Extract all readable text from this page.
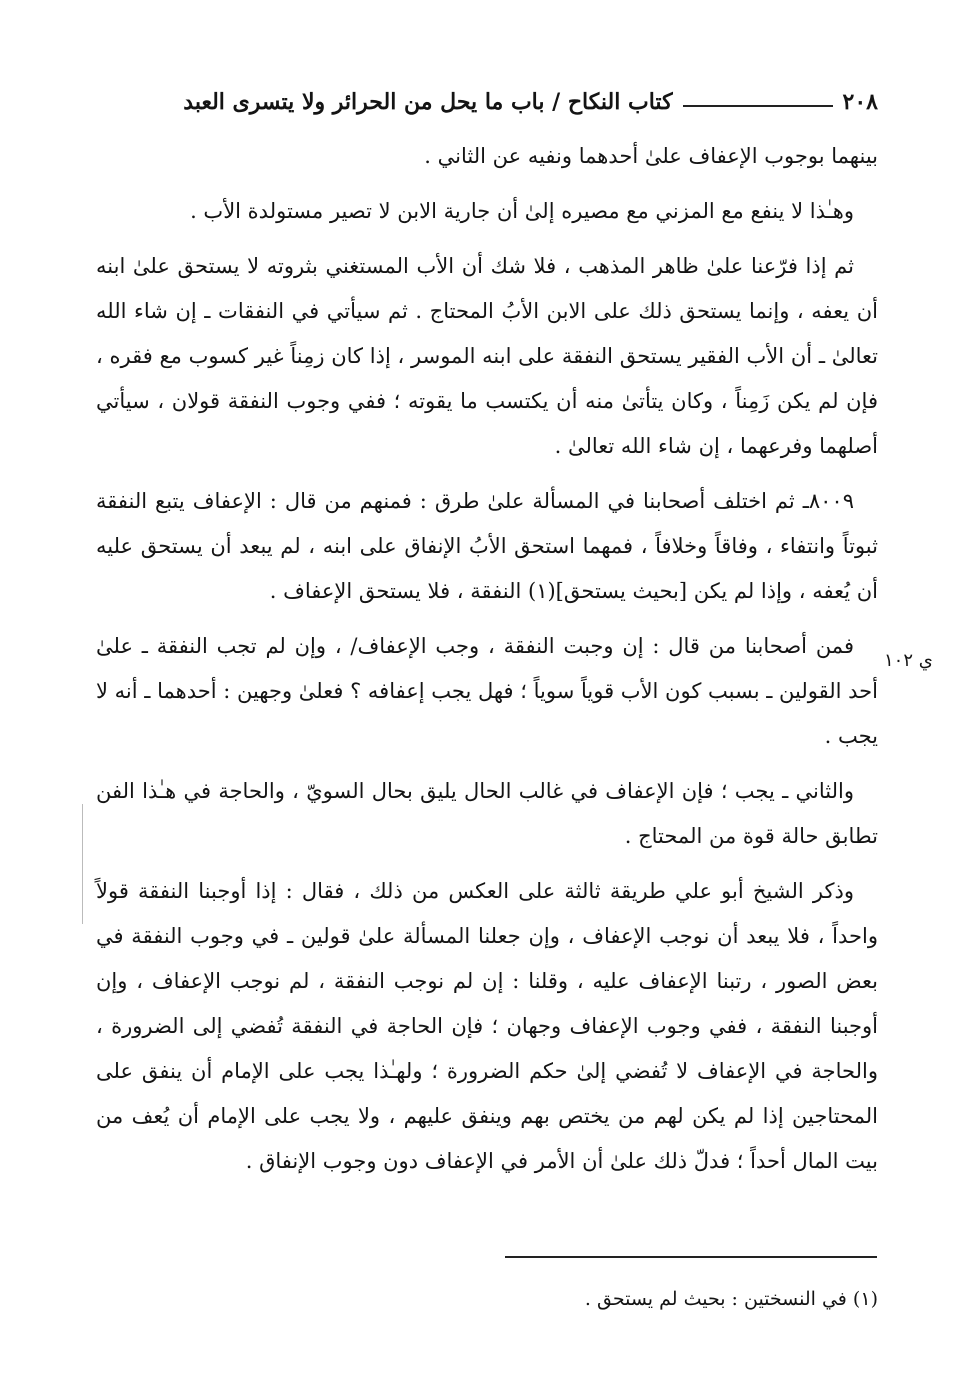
٢٠٨
كتاب النكاح / باب ما يحل من الحرائر ولا يتسرى العبد
ي ١٠٢

بينهما بوجوب الإعفاف علىٰ أحدهما ونفيه عن الثاني .

وهـٰذا لا ينفع مع المزني مع مصيره إلىٰ أن جارية الابن لا تصير مستولدة الأب .

ثم إذا فرّعنا علىٰ ظاهر المذهب ، فلا شك أن الأب المستغني بثروته لا يستحق علىٰ ابنه أن يعفه ، وإنما يستحق ذلك على الابن الأبُ المحتاج . ثم سيأتي في النفقات ـ إن شاء الله تعالىٰ ـ أن الأب الفقير يستحق النفقة على ابنه الموسر ، إذا كان زمِناً غير كسوب مع فقره ، فإن لم يكن زَمِناً ، وكان يتأتىٰ منه أن يكتسب ما يقوته ؛ ففي وجوب النفقة قولان ، سيأتي أصلهما وفرعهما ، إن شاء الله تعالىٰ .

٨٠٠٩ـ ثم اختلف أصحابنا في المسألة علىٰ طرق : فمنهم من قال : الإعفاف يتبع النفقة ثبوتاً وانتفاء ، وفاقاً وخلافاً ، فمهما استحق الأبُ الإنفاق على ابنه ، لم يبعد أن يستحق عليه أن يُعفه ، وإذا لم يكن [بحيث يستحق](١) النفقة ، فلا يستحق الإعفاف .

فمن أصحابنا من قال : إن وجبت النفقة ، وجب الإعفاف/ ، وإن لم تجب النفقة ـ علىٰ أحد القولين ـ بسبب كون الأب قوياً سوياً ؛ فهل يجب إعفافه ؟ فعلىٰ وجهين : أحدهما ـ أنه لا يجب .

والثاني ـ يجب ؛ فإن الإعفاف في غالب الحال يليق بحال السويّ ، والحاجة في هـٰذا الفن تطابق حالة قوة من المحتاج .

وذكر الشيخ أبو علي طريقة ثالثة على العكس من ذلك ، فقال : إذا أوجبنا النفقة قولاً واحداً ، فلا يبعد أن نوجب الإعفاف ، وإن جعلنا المسألة علىٰ قولين ـ في وجوب النفقة في بعض الصور ، رتبنا الإعفاف عليه ، وقلنا : إن لم نوجب النفقة ، لم نوجب الإعفاف ، وإن أوجبنا النفقة ، ففي وجوب الإعفاف وجهان ؛ فإن الحاجة في النفقة تُفضي إلى الضرورة ، والحاجة في الإعفاف لا تُفضي إلىٰ حكم الضرورة ؛ ولهـٰذا يجب على الإمام أن ينفق على المحتاجين إذا لم يكن لهم من يختص بهم وينفق عليهم ، ولا يجب على الإمام أن يُعف من بيت المال أحداً ؛ فدلّ ذلك علىٰ أن الأمر في الإعفاف دون وجوب الإنفاق .

(١) في النسختين : بحيث لم يستحق .
